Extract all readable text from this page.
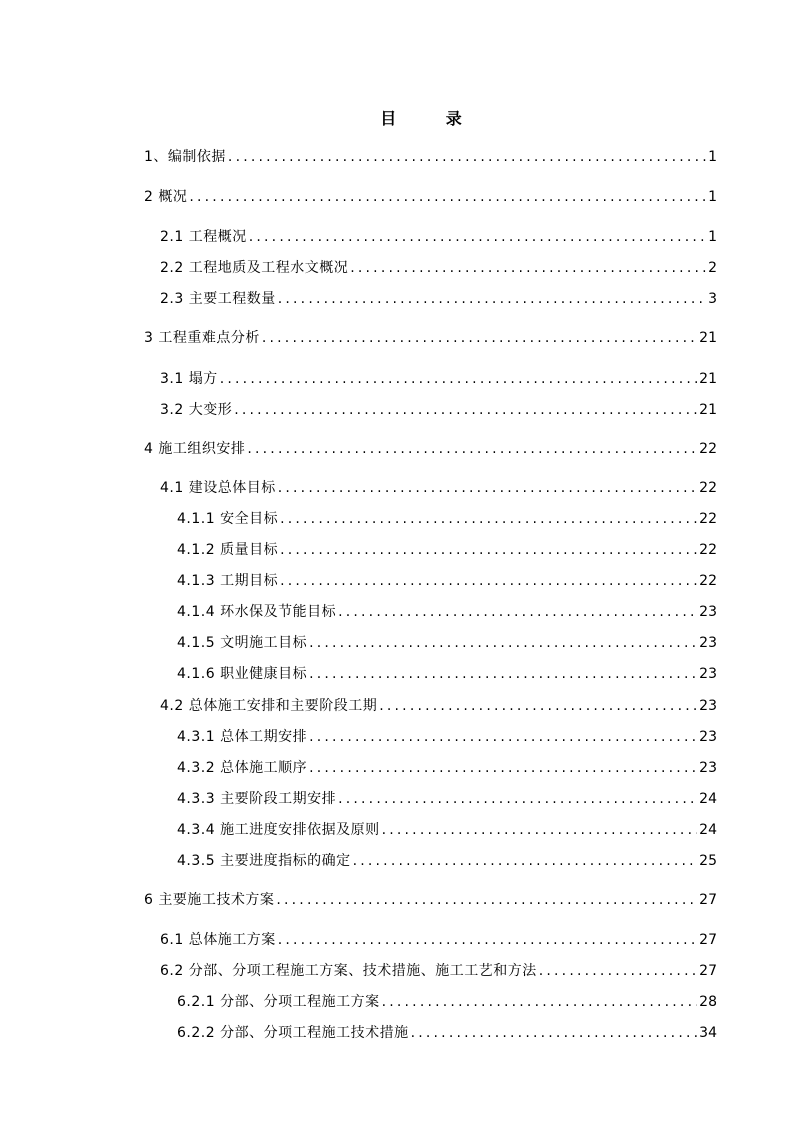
目 录
1、编制依据 .....	1
2 概况 .....	1
2.1 工程概况 .....	1
2.2 工程地质及工程水文概况 .....	2
2.3 主要工程数量 .....	3
3 工程重难点分析 .....	21
3.1 塌方 .....	21
3.2 大变形 .....	21
4 施工组织安排 .....	22
4.1 建设总体目标 .....	22
4.1.1 安全目标 .....	22
4.1.2 质量目标 .....	22
4.1.3 工期目标 .....	22
4.1.4 环水保及节能目标 .....	23
4.1.5 文明施工目标 .....	23
4.1.6 职业健康目标 .....	23
4.2 总体施工安排和主要阶段工期 .....	23
4.3.1 总体工期安排 .....	23
4.3.2 总体施工顺序 .....	23
4.3.3 主要阶段工期安排 .....	24
4.3.4 施工进度安排依据及原则 .....	24
4.3.5 主要进度指标的确定 .....	25
6 主要施工技术方案 .....	27
6.1 总体施工方案 .....	27
6.2 分部、分项工程施工方案、技术措施、施工工艺和方法 .....	27
6.2.1 分部、分项工程施工方案 .....	28
6.2.2 分部、分项工程施工技术措施 .....	34
